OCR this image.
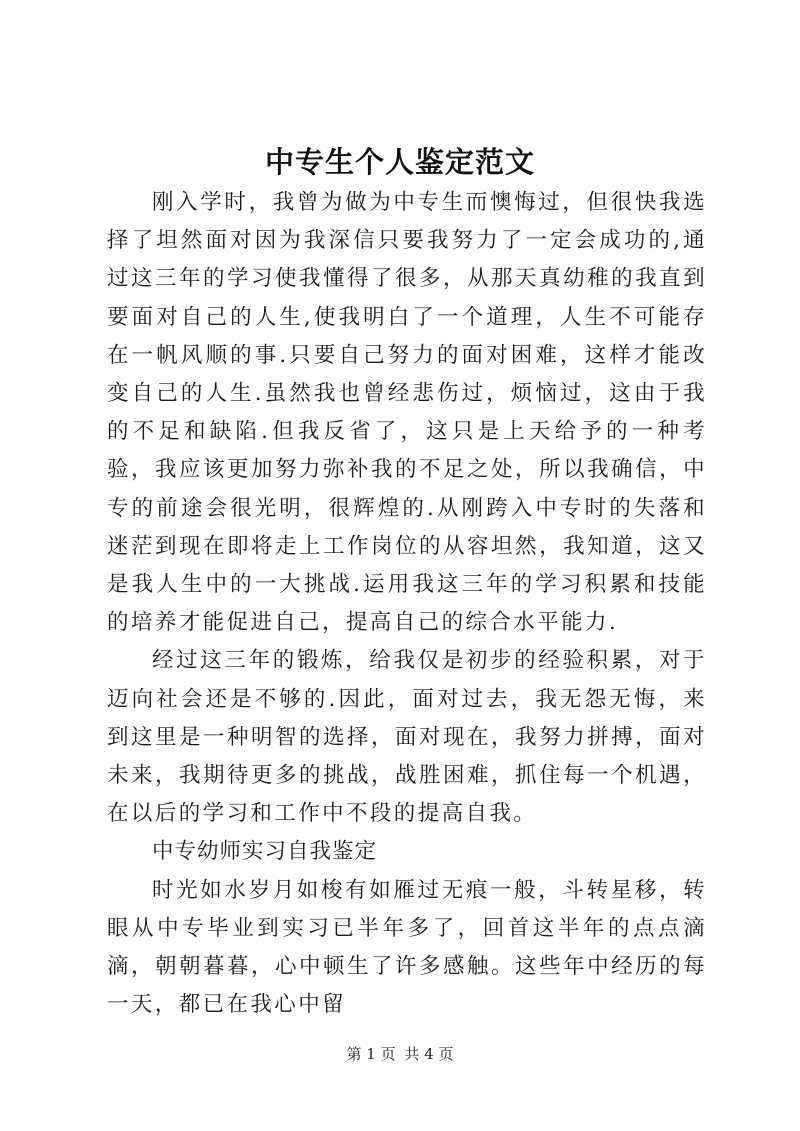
中专生个人鉴定范文

刚入学时，我曾为做为中专生而懊悔过，但很快我选择了坦然面对因为我深信只要我努力了一定会成功的,通过这三年的学习使我懂得了很多，从那天真幼稚的我直到要面对自己的人生,使我明白了一个道理，人生不可能存在一帆风顺的事.只要自己努力的面对困难，这样才能改变自己的人生.虽然我也曾经悲伤过，烦恼过，这由于我的不足和缺陷.但我反省了，这只是上天给予的一种考验，我应该更加努力弥补我的不足之处，所以我确信，中专的前途会很光明，很辉煌的.从刚跨入中专时的失落和迷茫到现在即将走上工作岗位的从容坦然，我知道，这又是我人生中的一大挑战.运用我这三年的学习积累和技能的培养才能促进自己，提高自己的综合水平能力.

经过这三年的锻炼，给我仅是初步的经验积累，对于迈向社会还是不够的.因此，面对过去，我无怨无悔，来到这里是一种明智的选择，面对现在，我努力拼搏，面对未来，我期待更多的挑战，战胜困难，抓住每一个机遇，在以后的学习和工作中不段的提高自我。

中专幼师实习自我鉴定

时光如水岁月如梭有如雁过无痕一般，斗转星移，转眼从中专毕业到实习已半年多了，回首这半年的点点滴滴，朝朝暮暮，心中顿生了许多感触。这些年中经历的每一天，都已在我心中留

第 1 页 共 4 页
